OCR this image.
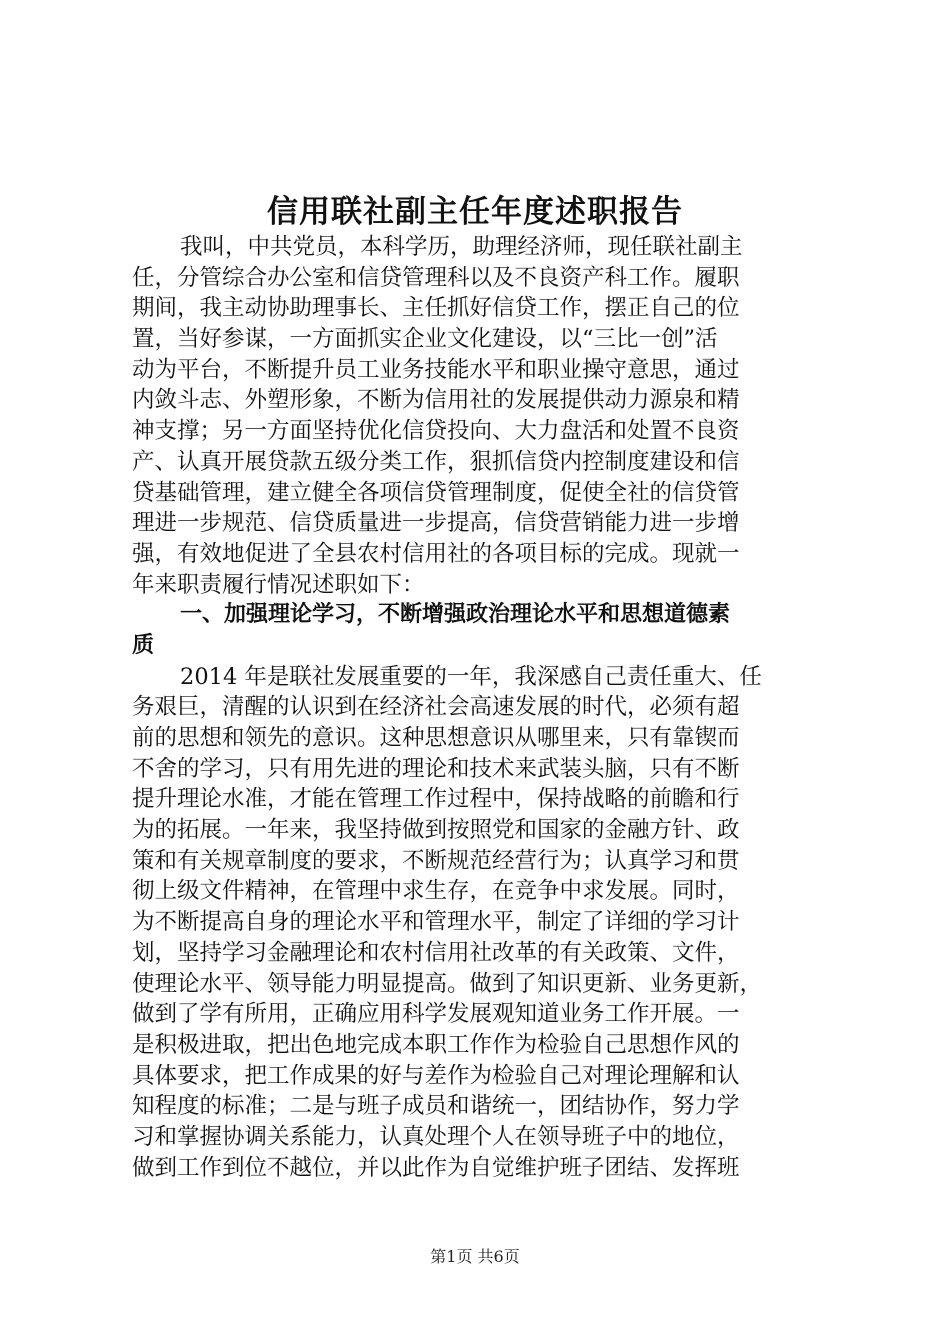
信用联社副主任年度述职报告
我叫，中共党员，本科学历，助理经济师，现任联社副主
任，分管综合办公室和信贷管理科以及不良资产科工作。履职
期间，我主动协助理事长、主任抓好信贷工作，摆正自己的位
置，当好参谋，一方面抓实企业文化建设，以“三比一创”活
动为平台，不断提升员工业务技能水平和职业操守意思，通过
内敛斗志、外塑形象，不断为信用社的发展提供动力源泉和精
神支撑；另一方面坚持优化信贷投向、大力盘活和处置不良资
产、认真开展贷款五级分类工作，狠抓信贷内控制度建设和信
贷基础管理，建立健全各项信贷管理制度，促使全社的信贷管
理进一步规范、信贷质量进一步提高，信贷营销能力进一步增
强，有效地促进了全县农村信用社的各项目标的完成。现就一
年来职责履行情况述职如下：
一、加强理论学习，不断增强政治理论水平和思想道德素
质
2014 年是联社发展重要的一年，我深感自己责任重大、任
务艰巨，清醒的认识到在经济社会高速发展的时代，必须有超
前的思想和领先的意识。这种思想意识从哪里来，只有靠锲而
不舍的学习，只有用先进的理论和技术来武装头脑，只有不断
提升理论水准，才能在管理工作过程中，保持战略的前瞻和行
为的拓展。一年来，我坚持做到按照党和国家的金融方针、政
策和有关规章制度的要求，不断规范经营行为；认真学习和贯
彻上级文件精神，在管理中求生存，在竞争中求发展。同时，
为不断提高自身的理论水平和管理水平，制定了详细的学习计
划，坚持学习金融理论和农村信用社改革的有关政策、文件，
使理论水平、领导能力明显提高。做到了知识更新、业务更新，
做到了学有所用，正确应用科学发展观知道业务工作开展。一
是积极进取，把出色地完成本职工作作为检验自己思想作风的
具体要求，把工作成果的好与差作为检验自己对理论理解和认
知程度的标准；二是与班子成员和谐统一，团结协作，努力学
习和掌握协调关系能力，认真处理个人在领导班子中的地位，
做到工作到位不越位，并以此作为自觉维护班子团结、发挥班
第1页 共6页
